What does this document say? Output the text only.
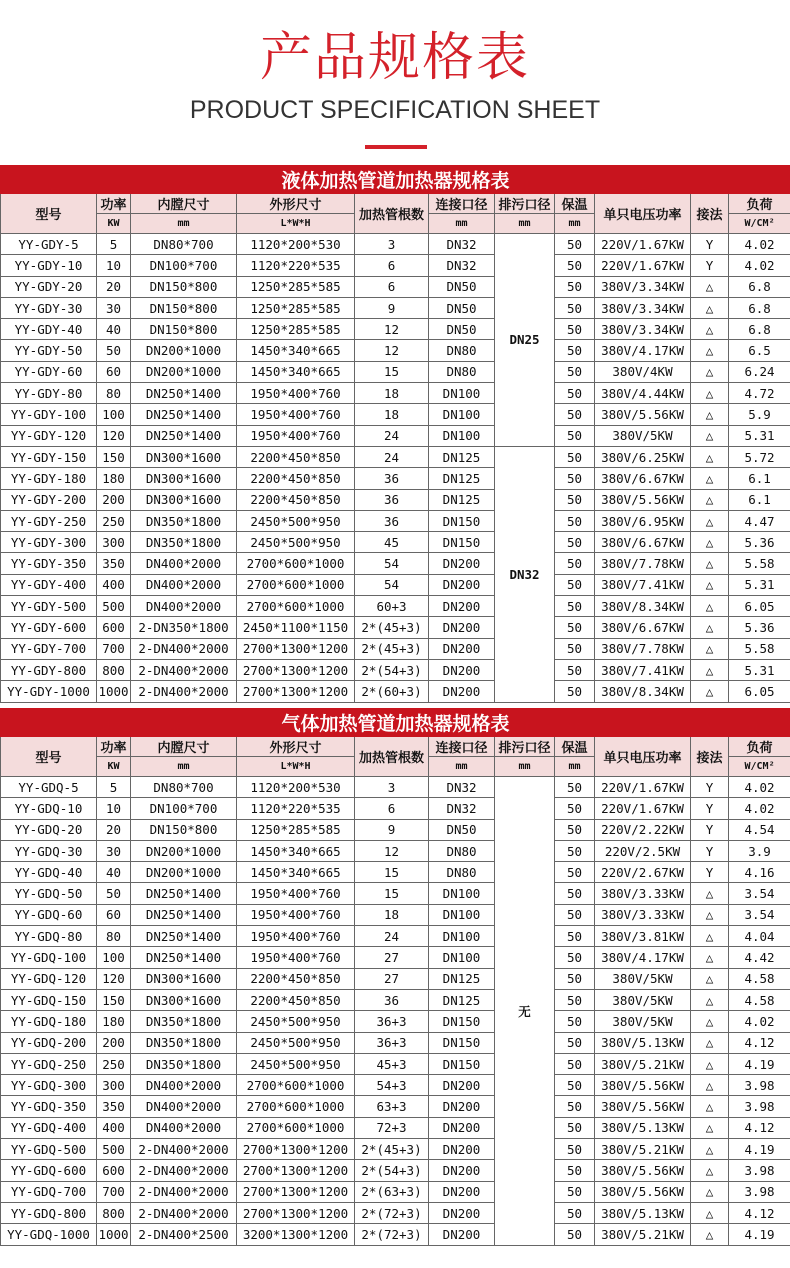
产品规格表
PRODUCT SPECIFICATION SHEET
液体加热管道加热器规格表										
型号	功率	内膛尺寸	外形尺寸	加热管根数	连接口径	排污口径	保温	单只电压功率	接法	负荷
	KW	mm	L*W*H		mm	mm	mm			W/CM²
YY-GDY-5	5	DN80*700	1120*200*530	3	DN32	DN25	50	220V/1.67KW	Y	4.02
YY-GDY-10	10	DN100*700	1120*220*535	6	DN32		50	220V/1.67KW	Y	4.02
YY-GDY-20	20	DN150*800	1250*285*585	6	DN50		50	380V/3.34KW	△	6.8
YY-GDY-30	30	DN150*800	1250*285*585	9	DN50		50	380V/3.34KW	△	6.8
YY-GDY-40	40	DN150*800	1250*285*585	12	DN50		50	380V/3.34KW	△	6.8
YY-GDY-50	50	DN200*1000	1450*340*665	12	DN80		50	380V/4.17KW	△	6.5
YY-GDY-60	60	DN200*1000	1450*340*665	15	DN80		50	380V/4KW	△	6.24
YY-GDY-80	80	DN250*1400	1950*400*760	18	DN100		50	380V/4.44KW	△	4.72
YY-GDY-100	100	DN250*1400	1950*400*760	18	DN100		50	380V/5.56KW	△	5.9
YY-GDY-120	120	DN250*1400	1950*400*760	24	DN100		50	380V/5KW	△	5.31
YY-GDY-150	150	DN300*1600	2200*450*850	24	DN125	DN32	50	380V/6.25KW	△	5.72
YY-GDY-180	180	DN300*1600	2200*450*850	36	DN125		50	380V/6.67KW	△	6.1
YY-GDY-200	200	DN300*1600	2200*450*850	36	DN125		50	380V/5.56KW	△	6.1
YY-GDY-250	250	DN350*1800	2450*500*950	36	DN150		50	380V/6.95KW	△	4.47
YY-GDY-300	300	DN350*1800	2450*500*950	45	DN150		50	380V/6.67KW	△	5.36
YY-GDY-350	350	DN400*2000	2700*600*1000	54	DN200		50	380V/7.78KW	△	5.58
YY-GDY-400	400	DN400*2000	2700*600*1000	54	DN200		50	380V/7.41KW	△	5.31
YY-GDY-500	500	DN400*2000	2700*600*1000	60+3	DN200		50	380V/8.34KW	△	6.05
YY-GDY-600	600	2-DN350*1800	2450*1100*1150	2*(45+3)	DN200		50	380V/6.67KW	△	5.36
YY-GDY-700	700	2-DN400*2000	2700*1300*1200	2*(45+3)	DN200		50	380V/7.78KW	△	5.58
YY-GDY-800	800	2-DN400*2000	2700*1300*1200	2*(54+3)	DN200		50	380V/7.41KW	△	5.31
YY-GDY-1000	1000	2-DN400*2000	2700*1300*1200	2*(60+3)	DN200		50	380V/8.34KW	△	6.05
气体加热管道加热器规格表										
型号	功率	内膛尺寸	外形尺寸	加热管根数	连接口径	排污口径	保温	单只电压功率	接法	负荷
	KW	mm	L*W*H		mm	mm	mm			W/CM²
YY-GDQ-5	5	DN80*700	1120*200*530	3	DN32	无	50	220V/1.67KW	Y	4.02
YY-GDQ-10	10	DN100*700	1120*220*535	6	DN32		50	220V/1.67KW	Y	4.02
YY-GDQ-20	20	DN150*800	1250*285*585	9	DN50		50	220V/2.22KW	Y	4.54
YY-GDQ-30	30	DN200*1000	1450*340*665	12	DN80		50	220V/2.5KW	Y	3.9
YY-GDQ-40	40	DN200*1000	1450*340*665	15	DN80		50	220V/2.67KW	Y	4.16
YY-GDQ-50	50	DN250*1400	1950*400*760	15	DN100		50	380V/3.33KW	△	3.54
YY-GDQ-60	60	DN250*1400	1950*400*760	18	DN100		50	380V/3.33KW	△	3.54
YY-GDQ-80	80	DN250*1400	1950*400*760	24	DN100		50	380V/3.81KW	△	4.04
YY-GDQ-100	100	DN250*1400	1950*400*760	27	DN100		50	380V/4.17KW	△	4.42
YY-GDQ-120	120	DN300*1600	2200*450*850	27	DN125		50	380V/5KW	△	4.58
YY-GDQ-150	150	DN300*1600	2200*450*850	36	DN125		50	380V/5KW	△	4.58
YY-GDQ-180	180	DN350*1800	2450*500*950	36+3	DN150		50	380V/5KW	△	4.02
YY-GDQ-200	200	DN350*1800	2450*500*950	36+3	DN150		50	380V/5.13KW	△	4.12
YY-GDQ-250	250	DN350*1800	2450*500*950	45+3	DN150		50	380V/5.21KW	△	4.19
YY-GDQ-300	300	DN400*2000	2700*600*1000	54+3	DN200		50	380V/5.56KW	△	3.98
YY-GDQ-350	350	DN400*2000	2700*600*1000	63+3	DN200		50	380V/5.56KW	△	3.98
YY-GDQ-400	400	DN400*2000	2700*600*1000	72+3	DN200		50	380V/5.13KW	△	4.12
YY-GDQ-500	500	2-DN400*2000	2700*1300*1200	2*(45+3)	DN200		50	380V/5.21KW	△	4.19
YY-GDQ-600	600	2-DN400*2000	2700*1300*1200	2*(54+3)	DN200		50	380V/5.56KW	△	3.98
YY-GDQ-700	700	2-DN400*2000	2700*1300*1200	2*(63+3)	DN200		50	380V/5.56KW	△	3.98
YY-GDQ-800	800	2-DN400*2000	2700*1300*1200	2*(72+3)	DN200		50	380V/5.13KW	△	4.12
YY-GDQ-1000	1000	2-DN400*2500	3200*1300*1200	2*(72+3)	DN200		50	380V/5.21KW	△	4.19
